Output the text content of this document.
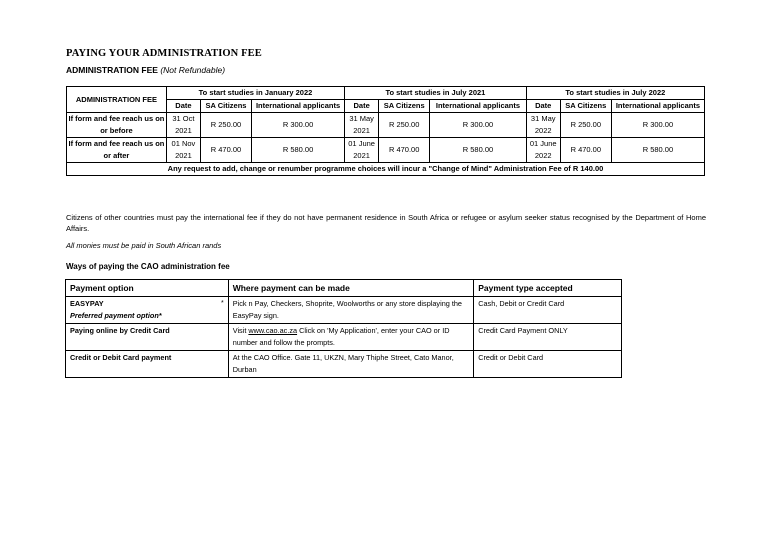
PAYING YOUR ADMINISTRATION FEE
ADMINISTRATION FEE (Not Refundable)
ADMINISTRATION FEE	To start studies in January 2022			To start studies in July 2021			To start studies in July 2022		
	Date	SA Citizens	International applicants	Date	SA Citizens	International applicants	Date	SA Citizens	International applicants
If form and fee reach us on or before	31 Oct 2021	R 250.00	R 300.00	31 May 2021	R 250.00	R 300.00	31 May 2022	R 250.00	R 300.00
If form and fee reach us on or after	01 Nov 2021	R 470.00	R 580.00	01 June 2021	R 470.00	R 580.00	01 June 2022	R 470.00	R 580.00
Any request to add, change or renumber programme choices will incur a "Change of Mind" Administration Fee of R 140.00									
Citizens of other countries must pay the international fee if they do not have permanent residence in South Africa or refugee or asylum seeker status recognised by the Department of Home Affairs.
All monies must be paid in South African rands
Ways of paying the CAO administration fee
Payment option	Where payment can be made	Payment type accepted
EASYPAY *

Preferred payment option*	Pick n Pay, Checkers, Shoprite, Woolworths or any store displaying the EasyPay sign.	Cash, Debit or Credit Card
Paying online by Credit Card	Visit www.cao.ac.za Click on 'My Application', enter your CAO or ID number and follow the prompts.	Credit Card Payment ONLY
Credit or Debit Card payment	At the CAO Office. Gate 11, UKZN, Mary Thiphe Street, Cato Manor, Durban	Credit or Debit Card
